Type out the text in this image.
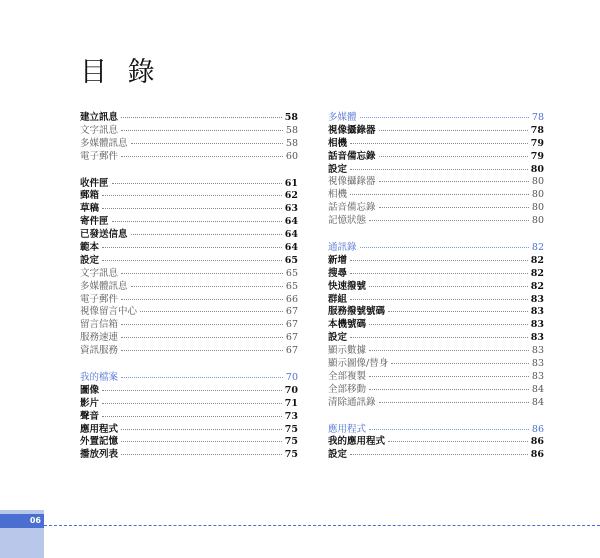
目 錄
建立訊息	58
文字訊息	58
多媒體訊息	58
電子郵件	60
收件匣	61
郵箱	62
草稿	63
寄件匣	64
已發送信息	64
範本	64
設定	65
文字訊息	65
多媒體訊息	65
電子郵件	66
視像留言中心	67
留言信箱	67
服務速連	67
資訊服務	67
我的檔案	70
圖像	70
影片	71
聲音	73
應用程式	75
外置記憶	75
播放列表	75
多媒體	78
視像攝錄器	78
相機	79
話音備忘錄	79
設定	80
視像攝錄器	80
相機	80
話音備忘錄	80
記憶狀態	80
通訊錄	82
新增	82
搜尋	82
快速撥號	82
群組	83
服務撥號號碼	83
本機號碼	83
設定	83
顯示數據	83
顯示圖像/替身	83
全部複製	83
全部移動	84
清除通訊錄	84
應用程式	86
我的應用程式	86
設定	86
06
